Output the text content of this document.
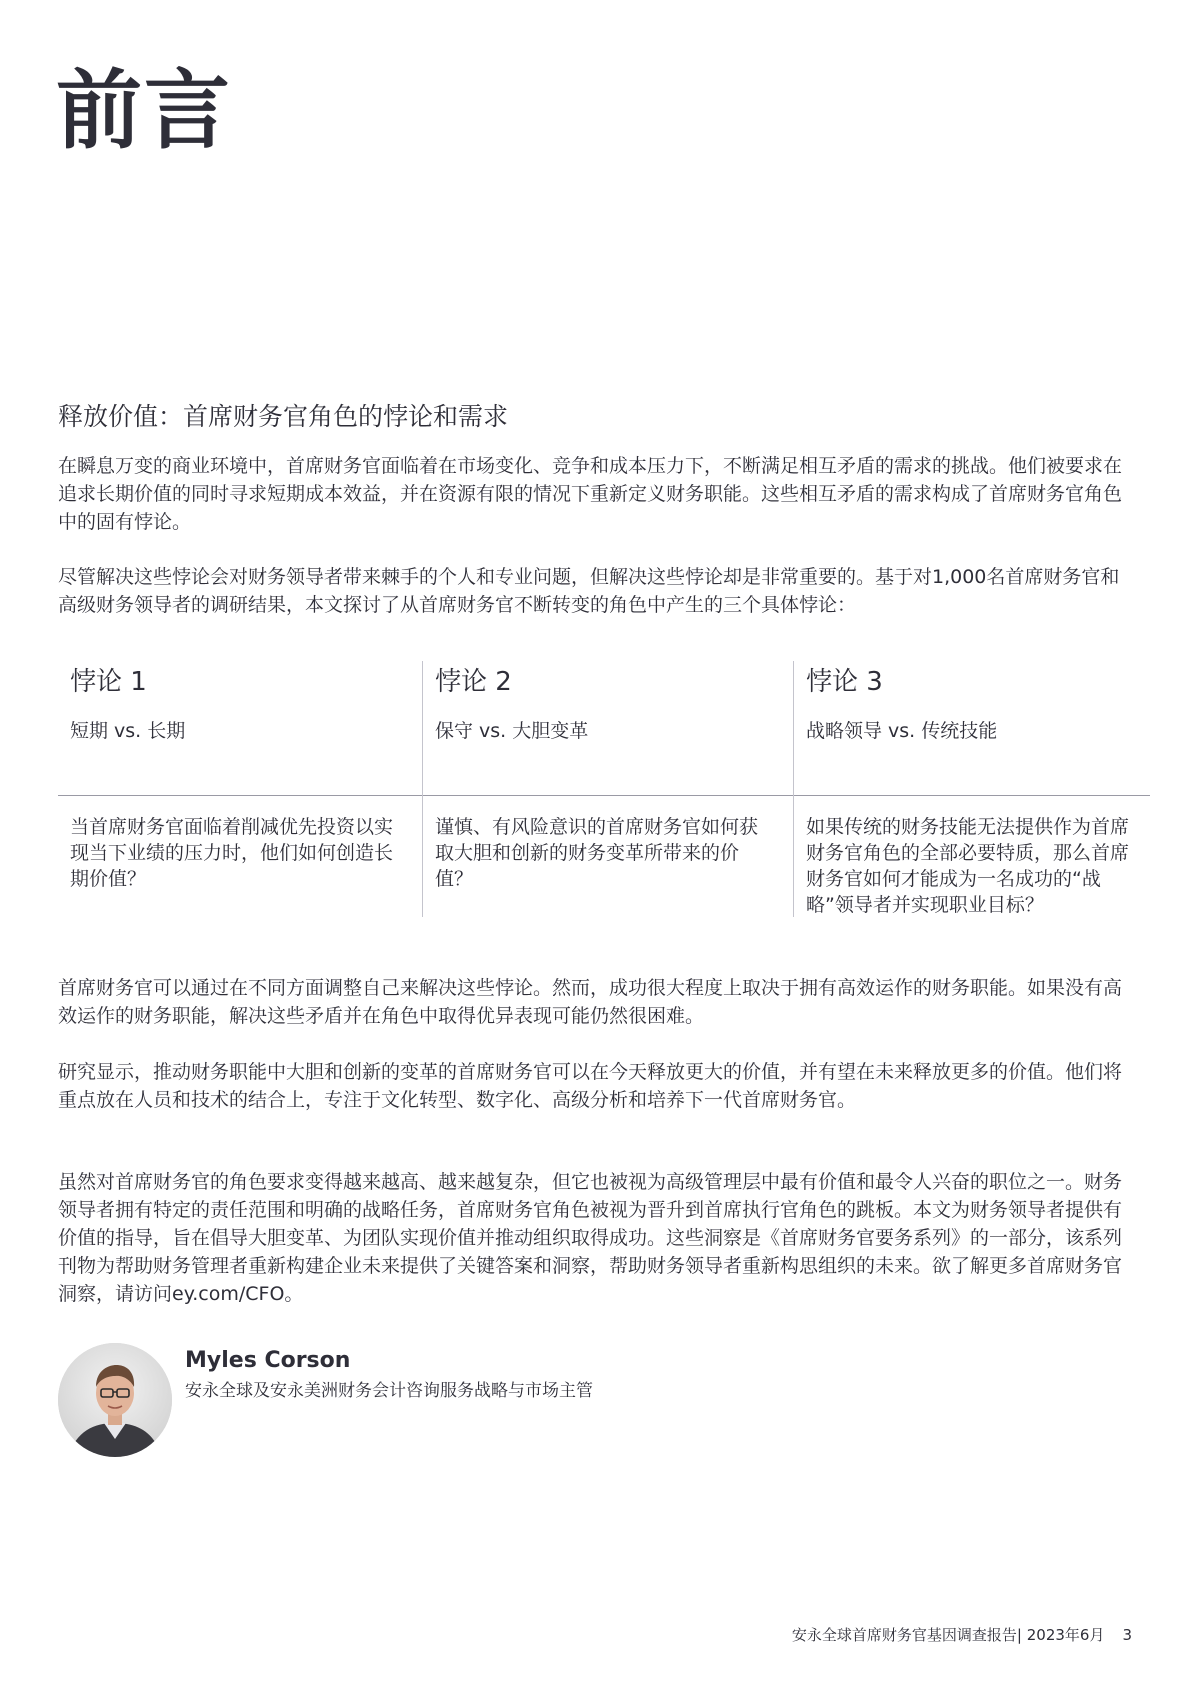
前言
释放价值：首席财务官角色的悖论和需求

在瞬息万变的商业环境中，首席财务官面临着在市场变化、竞争和成本压力下，不断满足相互矛盾的需求的挑战。他们被要求在追求长期价值的同时寻求短期成本效益，并在资源有限的情况下重新定义财务职能。这些相互矛盾的需求构成了首席财务官角色中的固有悖论。

尽管解决这些悖论会对财务领导者带来棘手的个人和专业问题，但解决这些悖论却是非常重要的。基于对1,000名首席财务官和高级财务领导者的调研结果，本文探讨了从首席财务官不断转变的角色中产生的三个具体悖论：

悖论 1
短期 vs. 长期
当首席财务官面临着削减优先投资以实现当下业绩的压力时，他们如何创造长期价值？
悖论 2
保守 vs. 大胆变革
谨慎、有风险意识的首席财务官如何获取大胆和创新的财务变革所带来的价值？
悖论 3
战略领导 vs. 传统技能
如果传统的财务技能无法提供作为首席财务官角色的全部必要特质，那么首席财务官如何才能成为一名成功的“战略”领导者并实现职业目标？

首席财务官可以通过在不同方面调整自己来解决这些悖论。然而，成功很大程度上取决于拥有高效运作的财务职能。如果没有高效运作的财务职能，解决这些矛盾并在角色中取得优异表现可能仍然很困难。

研究显示，推动财务职能中大胆和创新的变革的首席财务官可以在今天释放更大的价值，并有望在未来释放更多的价值。他们将重点放在人员和技术的结合上，专注于文化转型、数字化、高级分析和培养下一代首席财务官。

虽然对首席财务官的角色要求变得越来越高、越来越复杂，但它也被视为高级管理层中最有价值和最令人兴奋的职位之一。财务领导者拥有特定的责任范围和明确的战略任务，首席财务官角色被视为晋升到首席执行官角色的跳板。本文为财务领导者提供有价值的指导，旨在倡导大胆变革、为团队实现价值并推动组织取得成功。这些洞察是《首席财务官要务系列》的一部分，该系列刊物为帮助财务管理者重新构建企业未来提供了关键答案和洞察，帮助财务领导者重新构思组织的未来。欲了解更多首席财务官洞察，请访问ey.com/CFO。

Myles Corson
安永全球及安永美洲财务会计咨询服务战略与市场主管
安永全球首席财务官基因调查报告| 2023年6月 3
